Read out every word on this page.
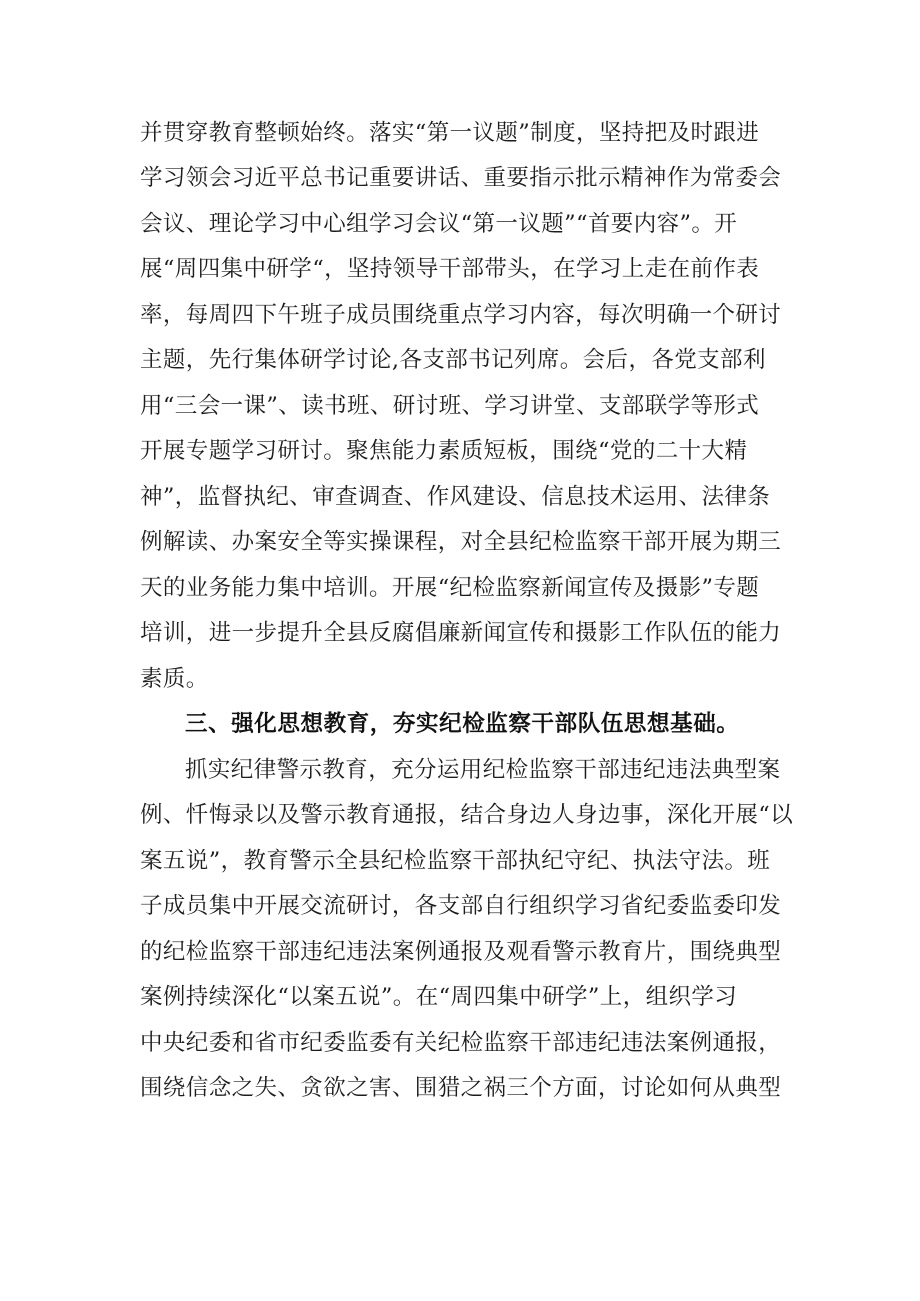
并贯穿教育整顿始终。落实“第一议题”制度，坚持把及时跟进
学习领会习近平总书记重要讲话、重要指示批示精神作为常委会
会议、理论学习中心组学习会议“第一议题”“首要内容”。开
展“周四集中研学“，坚持领导干部带头，在学习上走在前作表
率，每周四下午班子成员围绕重点学习内容，每次明确一个研讨
主题，先行集体研学讨论,各支部书记列席。会后，各党支部利
用“三会一课”、读书班、研讨班、学习讲堂、支部联学等形式
开展专题学习研讨。聚焦能力素质短板，围绕“党的二十大精
神”，监督执纪、审查调查、作风建设、信息技术运用、法律条
例解读、办案安全等实操课程，对全县纪检监察干部开展为期三
天的业务能力集中培训。开展“纪检监察新闻宣传及摄影”专题
培训，进一步提升全县反腐倡廉新闻宣传和摄影工作队伍的能力
素质。
三、强化思想教育，夯实纪检监察干部队伍思想基础。
抓实纪律警示教育，充分运用纪检监察干部违纪违法典型案
例、忏悔录以及警示教育通报，结合身边人身边事，深化开展“以
案五说”，教育警示全县纪检监察干部执纪守纪、执法守法。班
子成员集中开展交流研讨，各支部自行组织学习省纪委监委印发
的纪检监察干部违纪违法案例通报及观看警示教育片，围绕典型
案例持续深化“以案五说”。在“周四集中研学”上，组织学习
中央纪委和省市纪委监委有关纪检监察干部违纪违法案例通报，
围绕信念之失、贪欲之害、围猎之祸三个方面，讨论如何从典型
